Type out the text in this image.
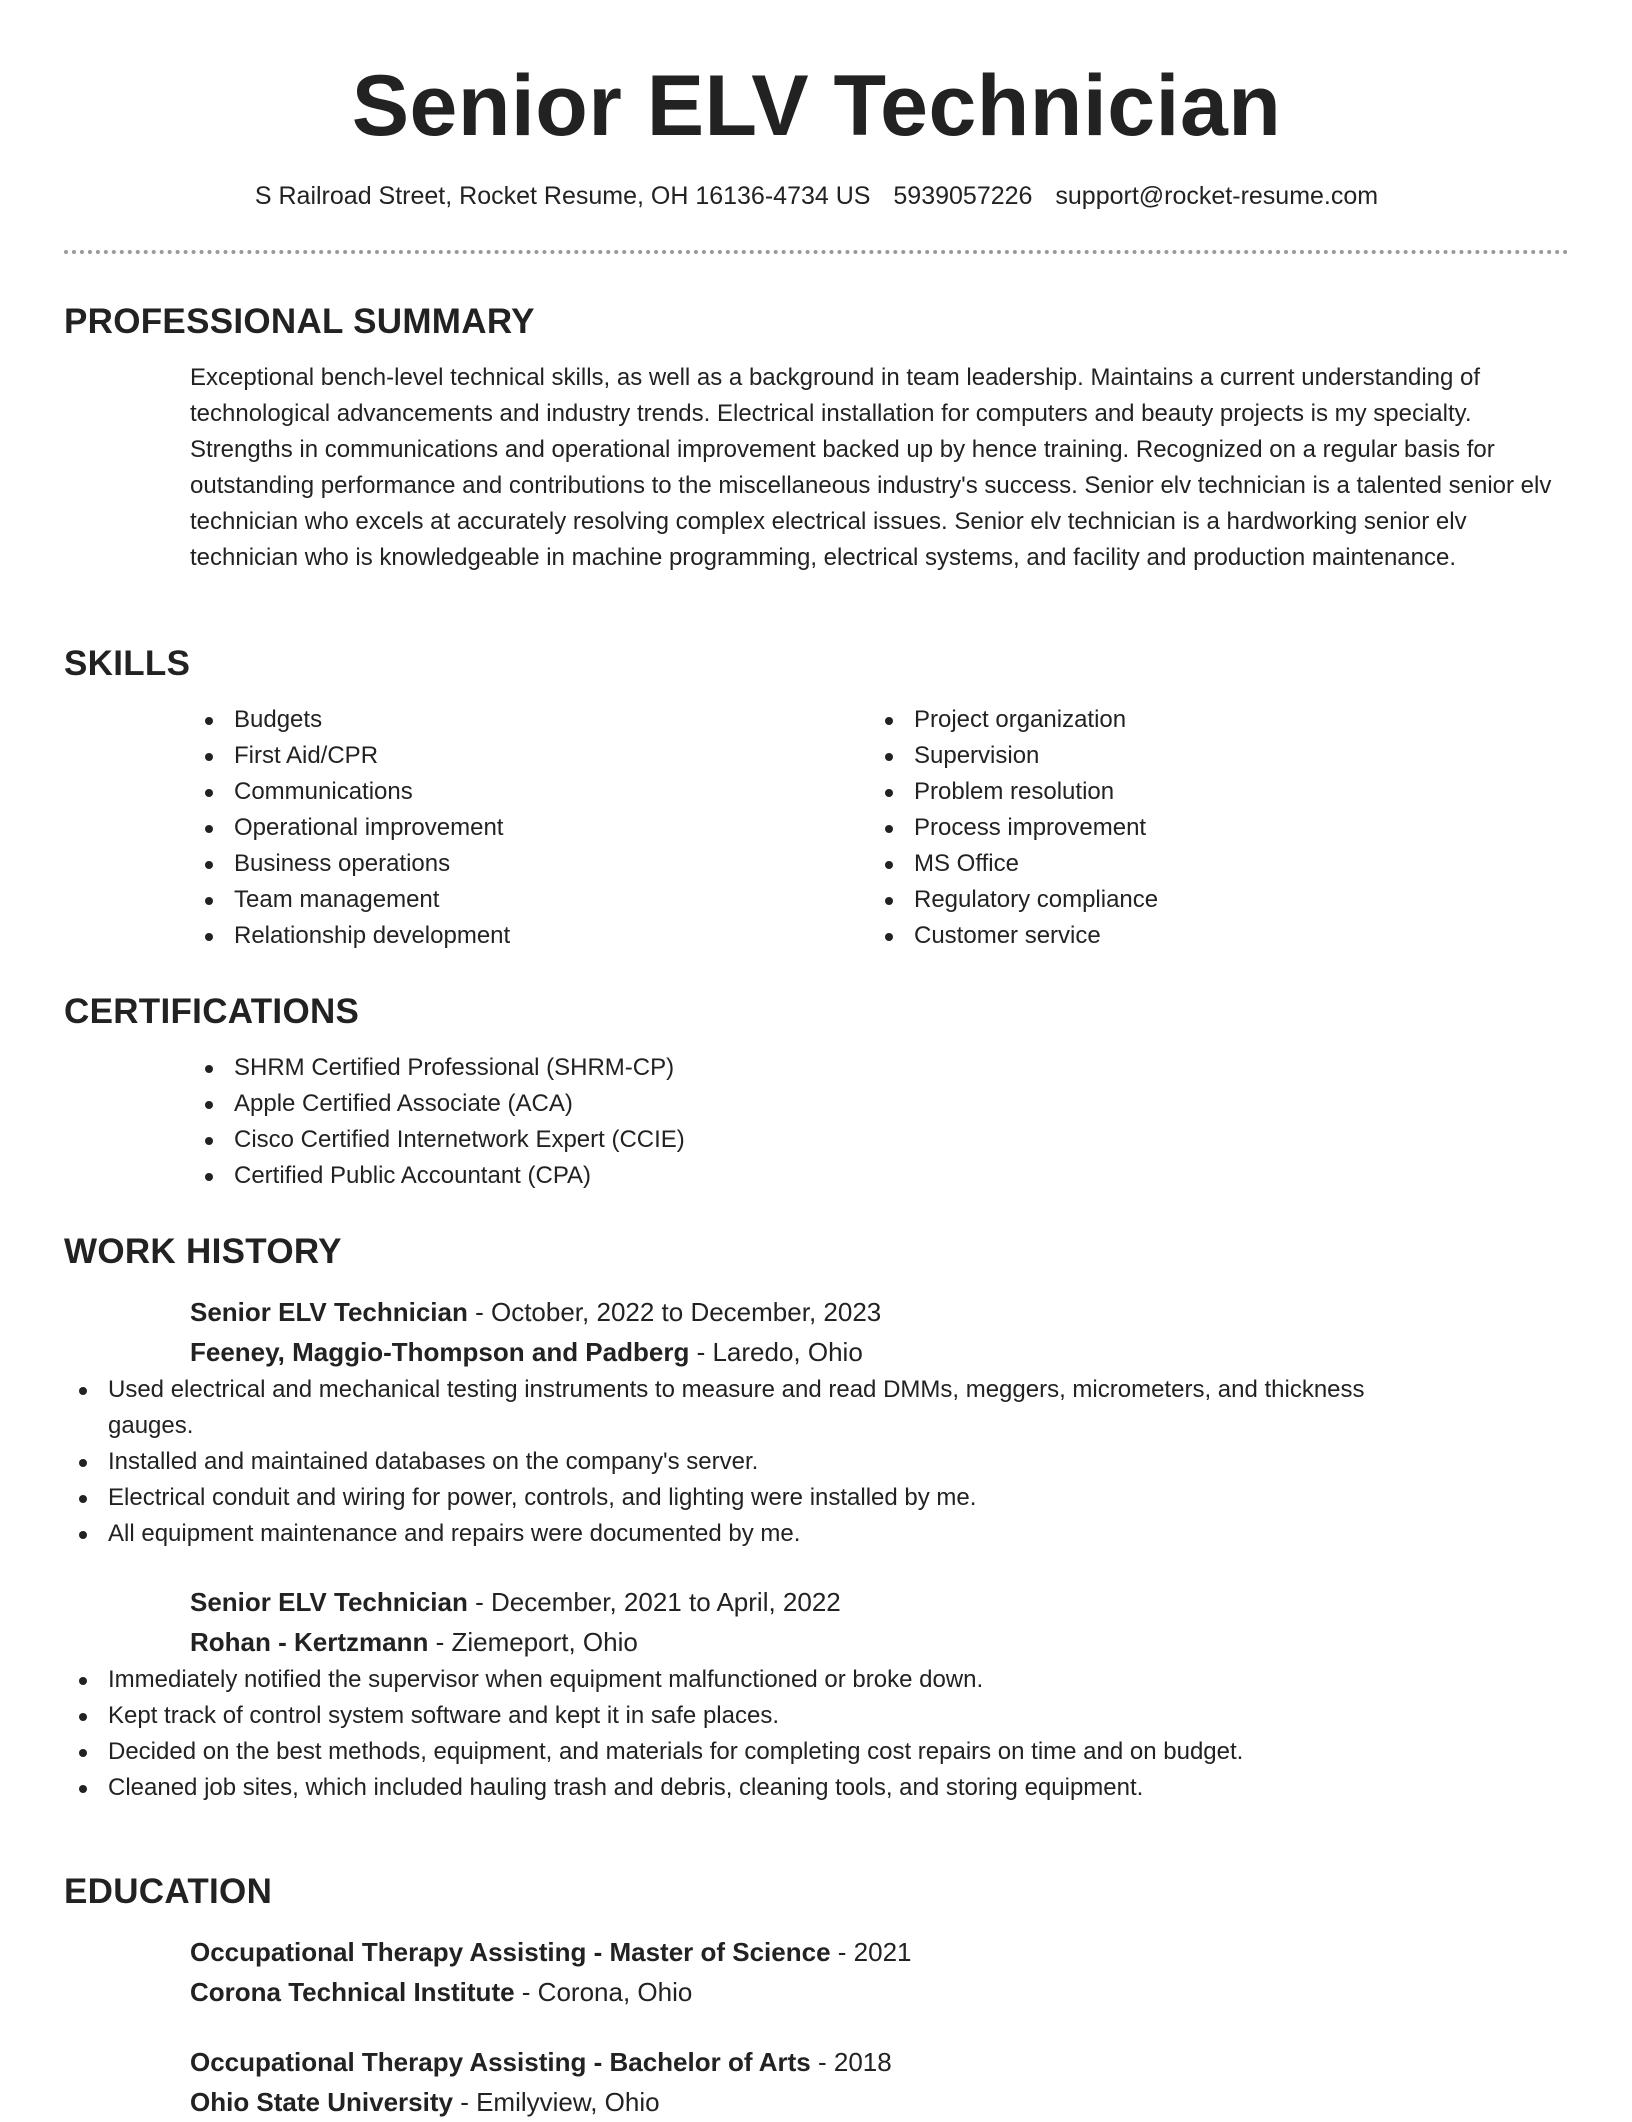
Senior ELV Technician
S Railroad Street, Rocket Resume, OH 16136-4734 US 5939057226 support@rocket-resume.com
PROFESSIONAL SUMMARY

Exceptional bench-level technical skills, as well as a background in team leadership. Maintains a current understanding of technological advancements and industry trends. Electrical installation for computers and beauty projects is my specialty. Strengths in communications and operational improvement backed up by hence training. Recognized on a regular basis for outstanding performance and contributions to the miscellaneous industry's success. Senior elv technician is a talented senior elv technician who excels at accurately resolving complex electrical issues. Senior elv technician is a hardworking senior elv technician who is knowledgeable in machine programming, electrical systems, and facility and production maintenance.

SKILLS
Budgets
First Aid/CPR
Communications
Operational improvement
Business operations
Team management
Relationship development
Project organization
Supervision
Problem resolution
Process improvement
MS Office
Regulatory compliance
Customer service
CERTIFICATIONS
SHRM Certified Professional (SHRM-CP)
Apple Certified Associate (ACA)
Cisco Certified Internetwork Expert (CCIE)
Certified Public Accountant (CPA)
WORK HISTORY
Senior ELV Technician - October, 2022 to December, 2023
Feeney, Maggio-Thompson and Padberg - Laredo, Ohio
Used electrical and mechanical testing instruments to measure and read DMMs, meggers, micrometers, and thickness gauges.
Installed and maintained databases on the company's server.
Electrical conduit and wiring for power, controls, and lighting were installed by me.
All equipment maintenance and repairs were documented by me.
Senior ELV Technician - December, 2021 to April, 2022
Rohan - Kertzmann - Ziemeport, Ohio
Immediately notified the supervisor when equipment malfunctioned or broke down.
Kept track of control system software and kept it in safe places.
Decided on the best methods, equipment, and materials for completing cost repairs on time and on budget.
Cleaned job sites, which included hauling trash and debris, cleaning tools, and storing equipment.
EDUCATION
Occupational Therapy Assisting - Master of Science - 2021
Corona Technical Institute - Corona, Ohio
Occupational Therapy Assisting - Bachelor of Arts - 2018
Ohio State University - Emilyview, Ohio
